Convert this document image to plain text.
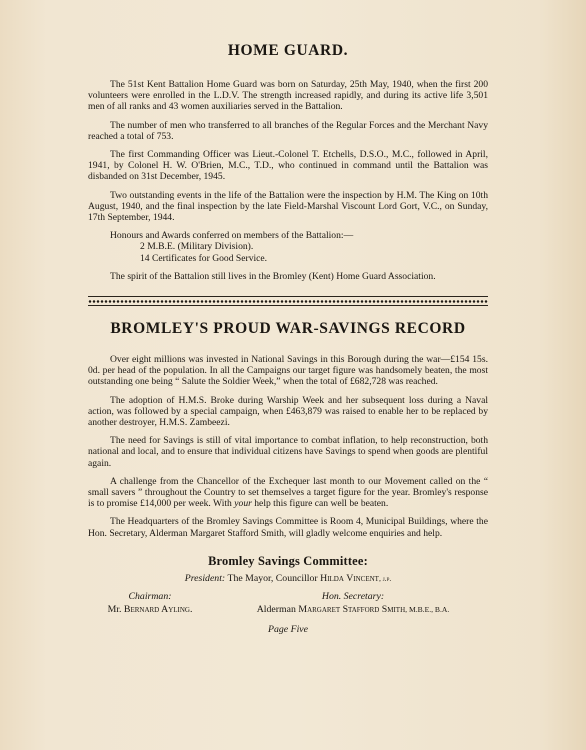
HOME GUARD.

The 51st Kent Battalion Home Guard was born on Saturday, 25th May, 1940, when the first 200 volunteers were enrolled in the L.D.V. The strength increased rapidly, and during its active life 3,501 men of all ranks and 43 women auxiliaries served in the Battalion.

The number of men who transferred to all branches of the Regular Forces and the Merchant Navy reached a total of 753.

The first Commanding Officer was Lieut.-Colonel T. Etchells, D.S.O., M.C., followed in April, 1941, by Colonel H. W. O'Brien, M.C., T.D., who continued in command until the Battalion was disbanded on 31st December, 1945.

Two outstanding events in the life of the Battalion were the inspection by H.M. The King on 10th August, 1940, and the final inspection by the late Field-Marshal Viscount Lord Gort, V.C., on Sunday, 17th September, 1944.

Honours and Awards conferred on members of the Battalion:—

2 M.B.E. (Military Division).
14 Certificates for Good Service.

The spirit of the Battalion still lives in the Bromley (Kent) Home Guard Association.

BROMLEY'S PROUD WAR-SAVINGS RECORD

Over eight millions was invested in National Savings in this Borough during the war—£154 15s. 0d. per head of the population. In all the Campaigns our target figure was handsomely beaten, the most outstanding one being “ Salute the Soldier Week,” when the total of £682,728 was reached.

The adoption of H.M.S. Broke during Warship Week and her subsequent loss during a Naval action, was followed by a special campaign, when £463,879 was raised to enable her to be replaced by another destroyer, H.M.S. Zambeezi.

The need for Savings is still of vital importance to combat inflation, to help reconstruction, both national and local, and to ensure that individual citizens have Savings to spend when goods are plentiful again.

A challenge from the Chancellor of the Exchequer last month to our Movement called on the “ small savers ” throughout the Country to set themselves a target figure for the year. Bromley's response is to promise £14,000 per week. With your help this figure can well be beaten.

The Headquarters of the Bromley Savings Committee is Room 4, Municipal Buildings, where the Hon. Secretary, Alderman Margaret Stafford Smith, will gladly welcome enquiries and help.

Bromley Savings Committee:
President: The Mayor, Councillor Hilda Vincent, j.p.
Chairman:
Mr. Bernard Ayling.
Hon. Secretary:
Alderman Margaret Stafford Smith, M.B.E., B.A.
Page Five
